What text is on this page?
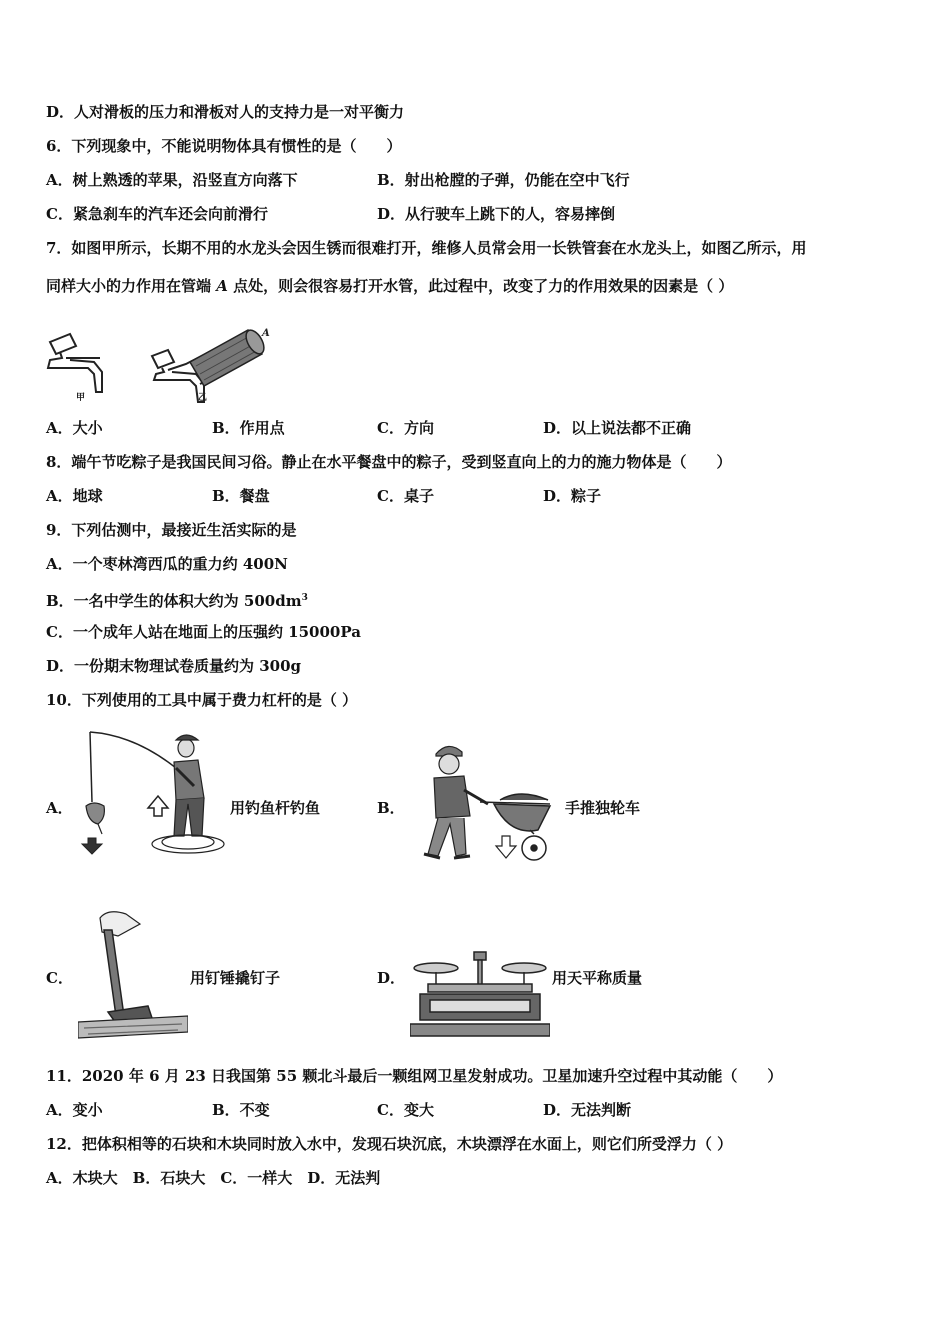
D．人对滑板的压力和滑板对人的支持力是一对平衡力
6．下列现象中，不能说明物体具有惯性的是（　　）
A．树上熟透的苹果，沿竖直方向落下	B．射出枪膛的子弹，仍能在空中飞行
C．紧急刹车的汽车还会向前滑行	D．从行驶车上跳下的人，容易摔倒
7．如图甲所示，长期不用的水龙头会因生锈而很难打开，维修人员常会用一长铁管套在水龙头上，如图乙所示，用
同样大小的力作用在管端 A 点处，则会很容易打开水管，此过程中，改变了力的作用效果的因素是（ ）
甲
A
乙
A．大小	B．作用点	C．方向	D．以上说法都不正确
8．端午节吃粽子是我国民间习俗。静止在水平餐盘中的粽子，受到竖直向上的力的施力物体是（　　）
A．地球	B．餐盘	C．桌子	D．粽子
9．下列估测中，最接近生活实际的是
A．一个枣林湾西瓜的重力约 400N
B．一名中学生的体积大约为 $500dm^3$
C．一个成年人站在地面上的压强约 15000Pa
D．一份期末物理试卷质量约为 300g
10．下列使用的工具中属于费力杠杆的是（ ）
A．	用钓鱼杆钓鱼	B．	手推独轮车
C．	用钉锤撬钉子	D．	用天平称质量
11．2020 年 6 月 23 日我国第 55 颗北斗最后一颗组网卫星发射成功。卫星加速升空过程中其动能（　　）
A．变小	B．不变	C．变大	D．无法判断
12．把体积相等的石块和木块同时放入水中，发现石块沉底，木块漂浮在水面上，则它们所受浮力（ ）
A．木块大　B．石块大　C．一样大　D．无法判
